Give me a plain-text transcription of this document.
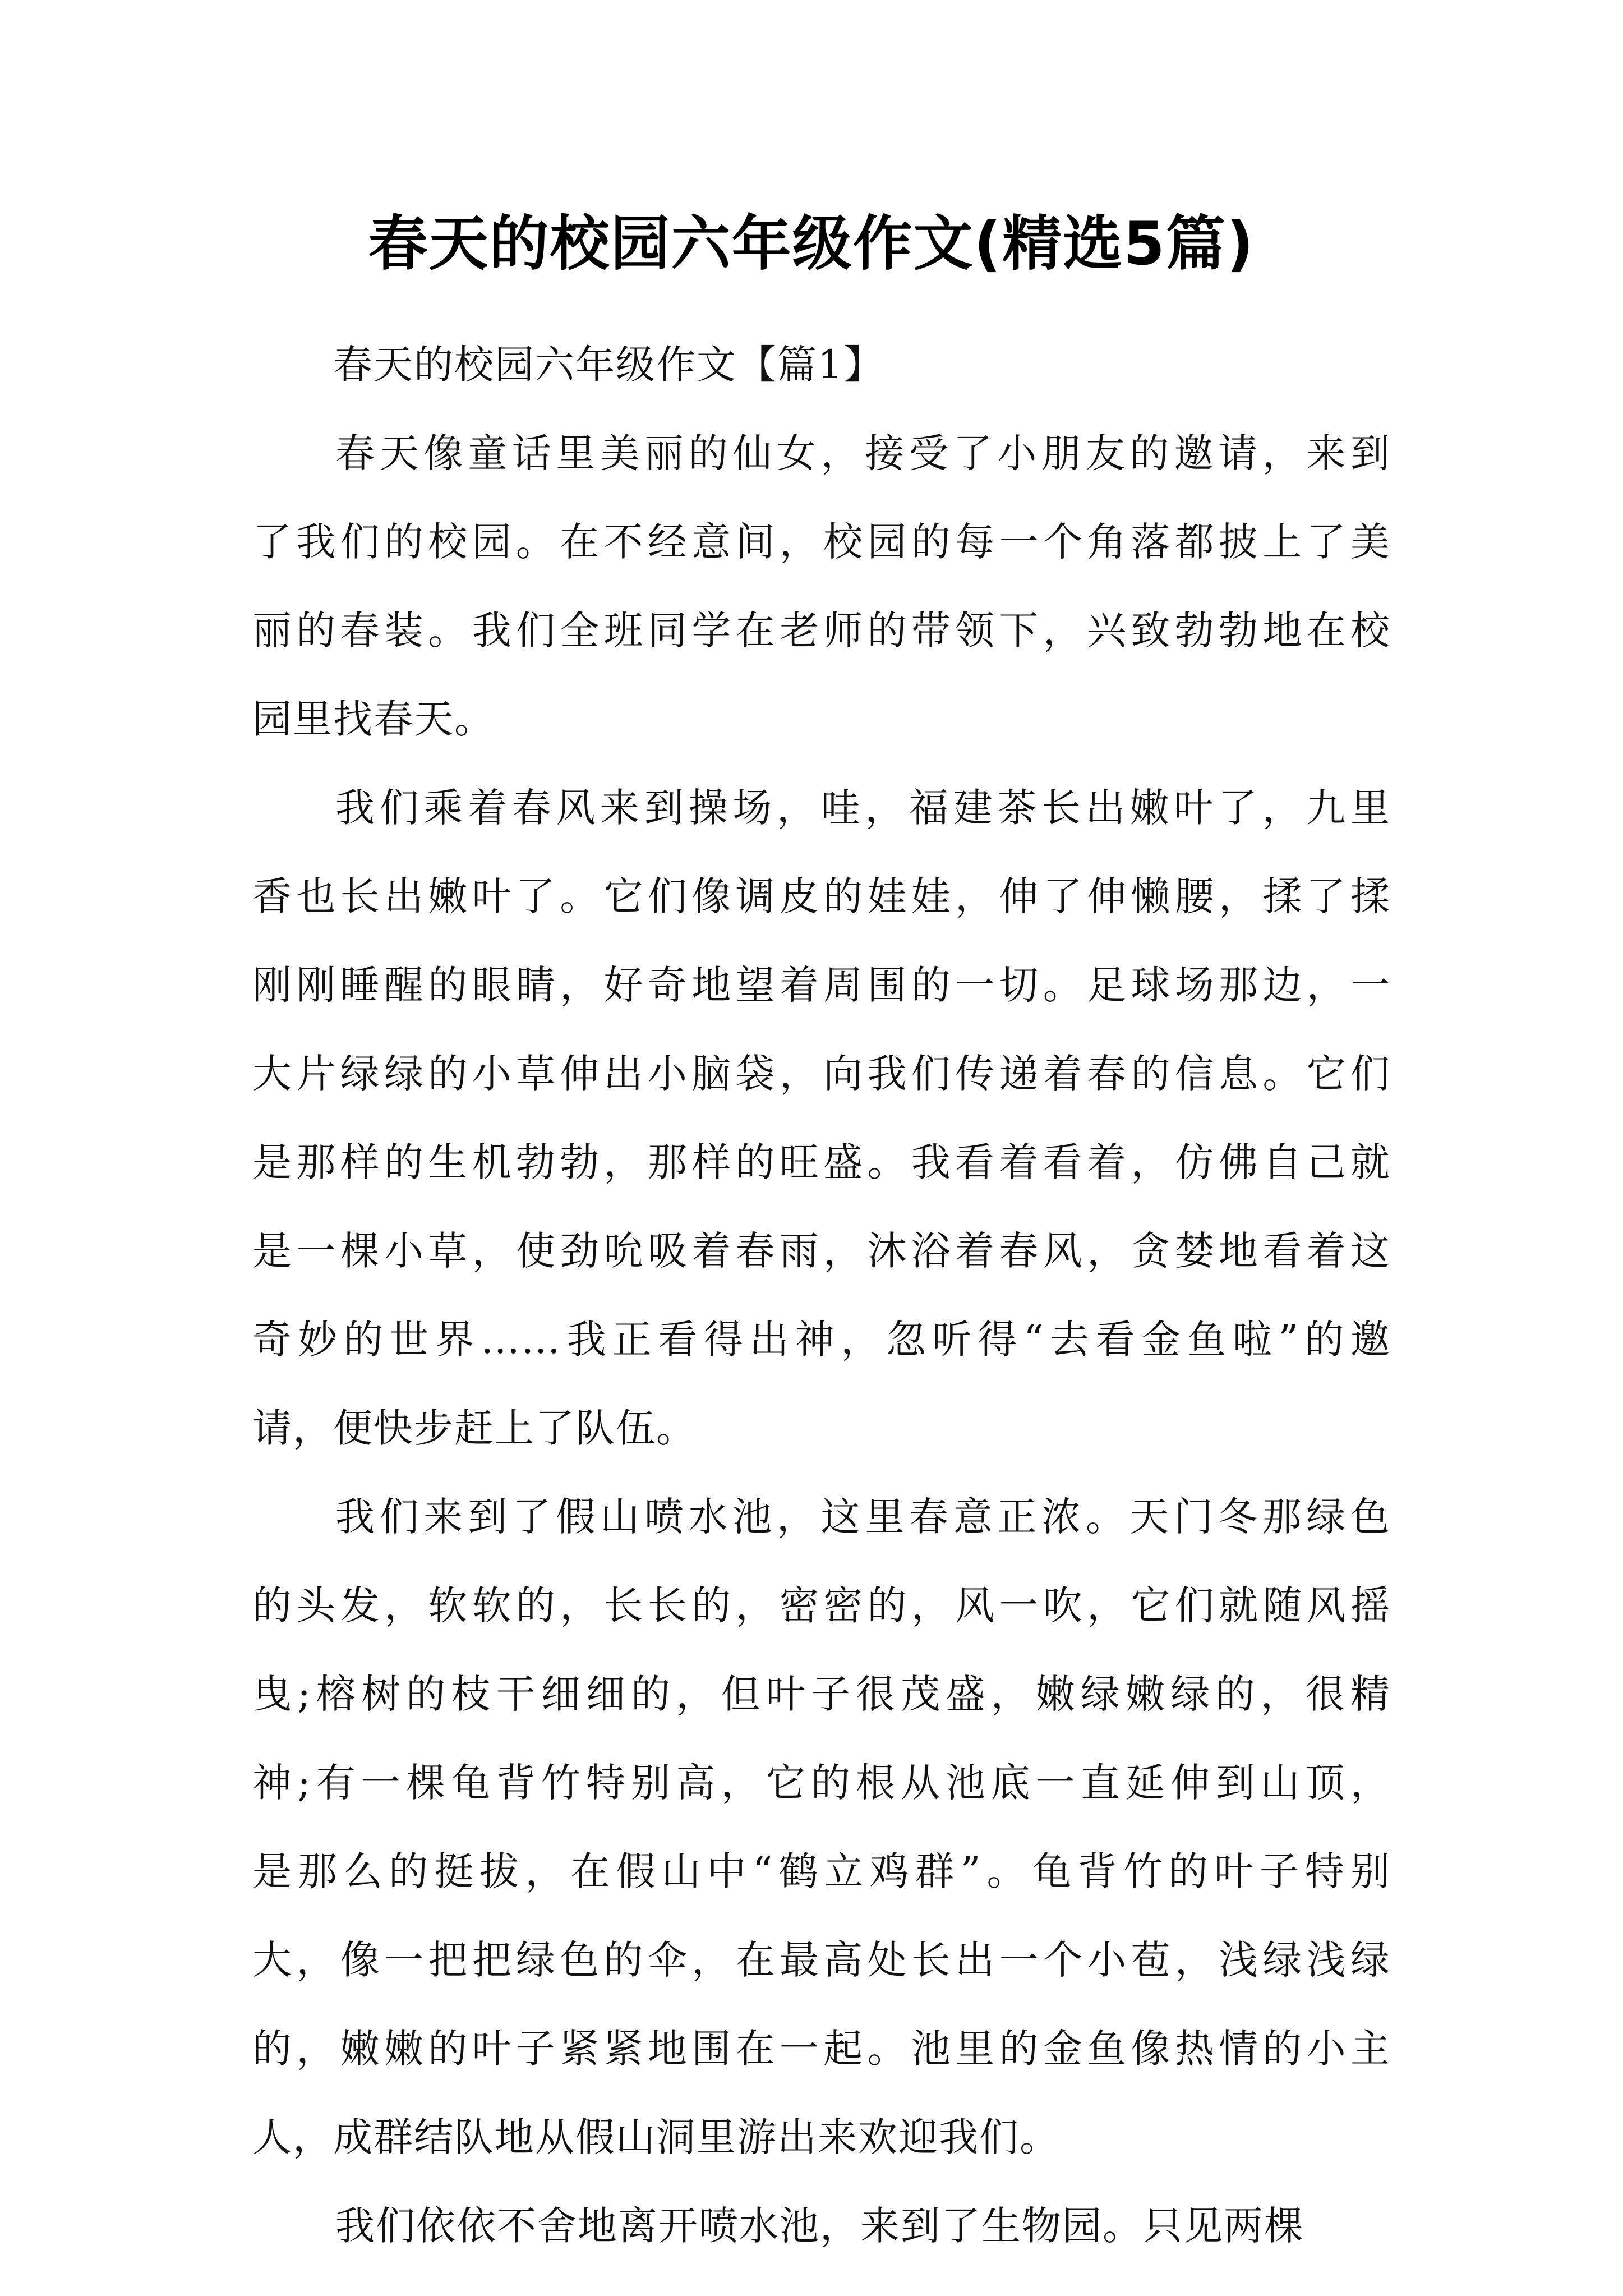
春天的校园六年级作文(精选5篇)
春天的校园六年级作文【篇1】
春天像童话里美丽的仙女，接受了小朋友的邀请，来到
了我们的校园。在不经意间，校园的每一个角落都披上了美
丽的春装。我们全班同学在老师的带领下，兴致勃勃地在校
园里找春天。
我们乘着春风来到操场，哇，福建茶长出嫩叶了，九里
香也长出嫩叶了。它们像调皮的娃娃，伸了伸懒腰，揉了揉
刚刚睡醒的眼睛，好奇地望着周围的一切。足球场那边，一
大片绿绿的小草伸出小脑袋，向我们传递着春的信息。它们
是那样的生机勃勃，那样的旺盛。我看着看着，仿佛自己就
是一棵小草，使劲吮吸着春雨，沐浴着春风，贪婪地看着这
奇妙的世界……我正看得出神，忽听得“去看金鱼啦”的邀
请，便快步赶上了队伍。
我们来到了假山喷水池，这里春意正浓。天门冬那绿色
的头发，软软的，长长的，密密的，风一吹，它们就随风摇
曳;榕树的枝干细细的，但叶子很茂盛，嫩绿嫩绿的，很精
神;有一棵龟背竹特别高，它的根从池底一直延伸到山顶，
是那么的挺拔，在假山中“鹤立鸡群”。龟背竹的叶子特别
大，像一把把绿色的伞，在最高处长出一个小苞，浅绿浅绿
的，嫩嫩的叶子紧紧地围在一起。池里的金鱼像热情的小主
人，成群结队地从假山洞里游出来欢迎我们。
我们依依不舍地离开喷水池，来到了生物园。只见两棵
